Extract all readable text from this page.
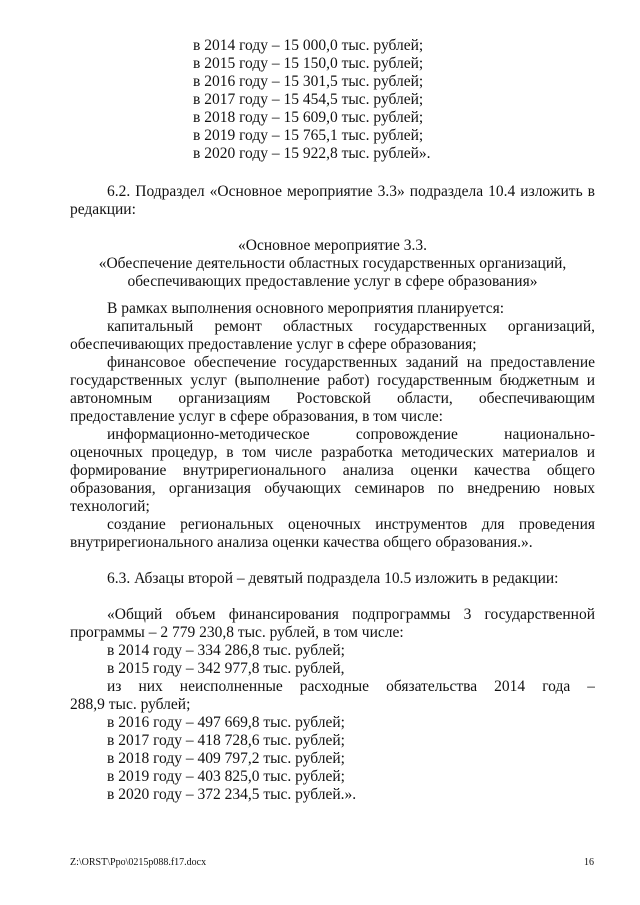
в 2014 году – 15 000,0 тыс. рублей;
в 2015 году – 15 150,0 тыс. рублей;
в 2016 году – 15 301,5 тыс. рублей;
в 2017 году – 15 454,5 тыс. рублей;
в 2018 году – 15 609,0 тыс. рублей;
в 2019 году – 15 765,1 тыс. рублей;
в 2020 году – 15 922,8 тыс. рублей».
6.2. Подраздел «Основное мероприятие 3.3» подраздела 10.4 изложить в
редакции:
«Основное мероприятие 3.3.
«Обеспечение деятельности областных государственных организаций,
обеспечивающих предоставление услуг в сфере образования»
В рамках выполнения основного мероприятия планируется:
капитальный ремонт областных государственных организаций,
обеспечивающих предоставление услуг в сфере образования;
финансовое обеспечение государственных заданий на предоставление
государственных услуг (выполнение работ) государственным бюджетным и
автономным организациям Ростовской области, обеспечивающим
предоставление услуг в сфере образования, в том числе:
информационно-методическое сопровождение национально-
оценочных процедур, в том числе разработка методических материалов и
формирование внутрирегионального анализа оценки качества общего
образования, организация обучающих семинаров по внедрению новых
технологий;
создание региональных оценочных инструментов для проведения
внутрирегионального анализа оценки качества общего образования.».
6.3. Абзацы второй – девятый подраздела 10.5 изложить в редакции:
«Общий объем финансирования подпрограммы 3 государственной
программы – 2 779 230,8 тыс. рублей, в том числе:
в 2014 году – 334 286,8 тыс. рублей;
в 2015 году – 342 977,8 тыс. рублей,
из них неисполненные расходные обязательства 2014 года –
288,9 тыс. рублей;
в 2016 году – 497 669,8 тыс. рублей;
в 2017 году – 418 728,6 тыс. рублей;
в 2018 году – 409 797,2 тыс. рублей;
в 2019 году – 403 825,0 тыс. рублей;
в 2020 году – 372 234,5 тыс. рублей.».
Z:\ORST\Ppo\0215p088.f17.docx	16
